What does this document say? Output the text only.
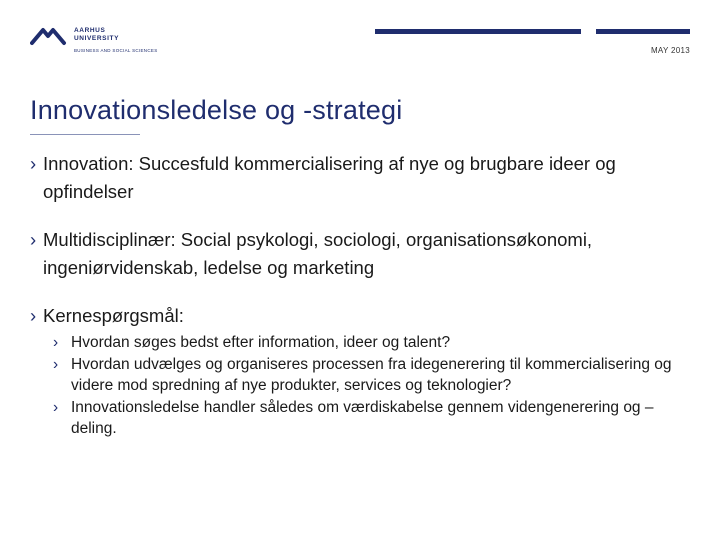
AARHUS
UNIVERSITY
BUSINESS AND SOCIAL SCIENCES	MAY 2013
Innovationsledelse og -strategi
› Innovation: Succesfuld kommercialisering af nye og brugbare ideer og opfindelser
› Multidisciplinær: Social psykologi, sociologi, organisationsøkonomi, ingeniørvidenskab, ledelse og marketing
› Kernespørgsmål:
› Hvordan søges bedst efter information, ideer og talent?
› Hvordan udvælges og organiseres processen fra idegenerering til kommercialisering og videre mod spredning af nye produkter, services og teknologier?
› Innovationsledelse handler således om værdiskabelse gennem videngenerering og –deling.
